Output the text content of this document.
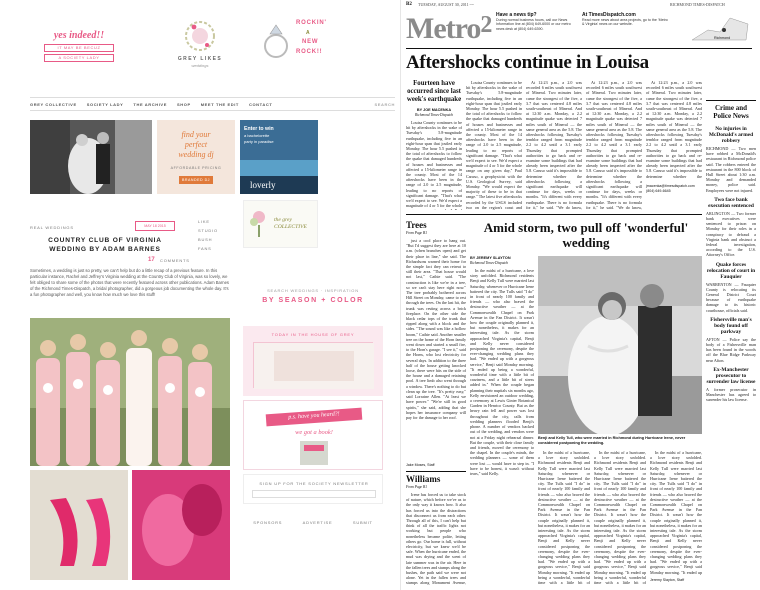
yes indeed!!
IT MAY BE BECUZ
A SOCIETY LADY	GREY LIKES
weddings
ROCKIN'
A
NEW
ROCK!!
GREY COLLECTIVE	SOCIETY LADY	THE ARCHIVE	SHOP	MEET THE EDIT	CONTACT	SEARCH
find your
perfect
wedding dj
AFFORDABLE PRICING
BRANDED DJ
Enter to win
a bachelorette
party in paradise
loverly
REAL WEDDINGS	MAY 18 2015
COUNTRY CLUB OF VIRGINIA
WEDDING BY ADAM BARNES
17 COMMENTS
LIKE
STUDIO
BUSH
FANS
Sometimes, a wedding is just so pretty, we can't help but do a little recap of a previous feature. In this particular instance, Rachel and Jeffrey's Virginia wedding at the Country Club of Virginia, was so lovely, we felt obliged to share some of the photos that were recently featured across other publications. Adam Barnes of the Richmond Times-Dispatch, a bridal photographer, did a gorgeous job documenting the whole day. It's a fun photographer and well, you know how much we love this stuff!
the grey COLLECTIVE
SEARCH WEDDINGS · INSPIRATION
BY SEASON + COLOR
TODAY IN THE HOUSE OF GREY
p.s. have you heard?!
we got a book!
SIGN UP FOR THE SOCIETY NEWSLETTER
SPONSORS	ADVERTISE	SUBMIT
B2 TUESDAY, AUGUST 30, 2011 ~~	RICHMOND TIMES-DISPATCH
Metro2 Have a news tip?
During normal business hours, call our News Information line at (804) 649-6000 or our metro news desk at (804) 649-6390.
At TimesDispatch.com
Read more news about area projects, go to the 'Metro & Virginia' news on our website.
Richmond
Aftershocks continue in Louisa
Fourteen have occurred since last week's earthquake
BY JOE MACENKA
Richmond Times-Dispatch

Louisa County continues to be hit by aftershocks in the wake of Tuesday's 5.8-magnitude earthquake, including five in an eight-hour span that jostled early Monday. The hour 5.5 pushed in the total of aftershocks to follow the quake that damaged hundreds of houses and businesses and affected a 15-kilometer range in the county. Most of the 14 aftershocks have been in the range of 2.0 to 2.5 magnitude, leading to no reports of significant damage. "That's what we'd expect to see. We'd expect a magnitude of 4 or 5 for the whole

Louisa County continues to be hit by aftershocks in the wake of Tuesday's 5.8-magnitude earthquake, including five in an eight-hour span that jostled early Monday. The hour 5.5 pushed in the total of aftershocks to follow the quake that damaged hundreds of houses and businesses and affected a 15-kilometer range in the county. Most of the 14 aftershocks have been in the range of 2.0 to 2.5 magnitude, leading to no reports of significant damage. "That's what we'd expect to see. We'd expect a magnitude of 4 or 5 for the whole range on any given day," Paul Caruso, a geophysicist with the U.S. Geological Survey, said Monday. "We would expect the majority of these to be in that range." The latest five aftershocks recorded by the USGS included two on the region's coast and

At 12:23 p.m., a 2.0 was recorded 6 miles south southwest of Mineral. Two minutes later, came the strongest of the five, a 3.7 that was centered 4.8 miles south-southeast of Mineral. And at 12:30 a.m. Monday, a 2.2 magnitude quake was detected 7 miles south of Mineral — the same general area as the 5.8. The aftershocks following Tuesday's temblor ranged from magnitude 2.2 to 4.2 until a 3.1 early Thursday that prompted authorities to go back and re-examine some buildings that had already been inspected after the 5.8. Caruso said it's impossible to determine whether the aftershocks following a significant earthquake will continue for days, weeks or months. "It's different with every earthquake. There is no formula for it," he said. "We do know,

At 12:23 p.m., a 2.0 was recorded 6 miles south southwest of Mineral. Two minutes later, came the strongest of the five, a 3.7 that was centered 4.8 miles south-southeast of Mineral. And at 12:30 a.m. Monday, a 2.2 magnitude quake was detected 7 miles south of Mineral — the same general area as the 5.8. The aftershocks following Tuesday's temblor ranged from magnitude 2.2 to 4.2 until a 3.1 early Thursday that prompted authorities to go back and re-examine some buildings that had already been inspected after the 5.8. Caruso said it's impossible to determine whether the aftershocks following a significant earthquake will continue for days, weeks or months. "It's different with every earthquake. There is no formula for it," he said. "We do know,

At 12:23 p.m., a 2.0 was recorded 6 miles south southwest of Mineral. Two minutes later, came the strongest of the five, a 3.7 that was centered 4.8 miles south-southeast of Mineral. And at 12:30 a.m. Monday, a 2.2 magnitude quake was detected 7 miles south of Mineral — the same general area as the 5.8. The aftershocks following Tuesday's temblor ranged from magnitude 2.2 to 4.2 until a 3.1 early Thursday that prompted authorities to go back and re-examine some buildings that had already been inspected after the 5.8. Caruso said it's impossible to determine whether the

jmacenka@timesdispatch.com
(804) 649-6645
Crime and Police News
No injuries in McDonald's armed robbery
RICHMOND — Two men have robbed a McDonald's restaurant in Richmond police said. The robbers entered the restaurant in the 800 block of Hull Street about 1:30 a.m. Monday and demanded money, police said. Employees were not injured.
Two face bank execution sentenced
ARLINGTON — Two former bank executives were sentenced to prison on Monday for their roles in a conspiracy to defraud a Virginia bank and obstruct a federal investigation, according to the U.S. Attorney's Office.
Quake forces relocation of court in Fauquier
WARRENTON — Fauquier County is relocating its General District Court because of earthquake damage to its historic courthouse, officials said.
Fishersville man's body found off parkway
AFTON — Police say the body of a Fishersville man has been found in the woods off the Blue Ridge Parkway near Afton.
Ex-Manchester prosecutor to surrender law license
A former prosecutor in Manchester has agreed to surrender his law license.
Trees
From Page B1

just a cool place to hang out. "But I'd suggest they are here at 10 a.m. (when branches open) and get their place in line," she said. The Richardsons warned their home for the simple fact they can retreat to still their area. "That house would not last," Cathie said. "The construction is like we're in a tree, so we can't stay here right now." The tree probably bothered across Hill Street on Monday, came to rest through the trees. On the last hit, the trunk was resting across a brick fireplace. On the other side the black cedar tops of the trunk that ripped along with a block and the sides. "The sound was like a hollow boom," Cathie said. Another smaller tree on the home of the Horn family went down and started a small fire, to the Horn's garage. "I see it," said the Horns, who lost electricity for several days. In addition to the three half of the house getting knocked loose, there were hits on the side of the house and a damaged retaining pool. A tree limb also went through a window. There's nothing to do but clean up the tree. "It's pretty easy," said Lorraine Allen. "At least we have power." "We're still in good spirits," she said, adding that she hopes her insurance company will pay for the damage to her roof.

Jake Moses, Staff
Williams
From Page B1

Irene has forced us to take stock of nature, which before we've as to the only way it knows how. It also has forced us into the distractions that disconnect us from each other. Through all of this, I can't help but think of all the traffic lights not working but people who nonetheless became polite, letting others go. Our home is full, without electricity, but we knew we'd be safe. When the hurricane ended, the mud was drying and the scent of late summer was in the air. Here in the fallen trees and stumps along the bushes, the path said we were not alone. Yet in the fallen trees and stumps along Monument Avenue,

Amid storm, two pull off 'wonderful' wedding
BY JEREMY SLAYTON
Richmond Times-Dispatch

In the midst of a hurricane, a love story unfolded. Richmond residents Benji and Kelly Tull were married last Saturday, whenever or Hurricane Irene battered the city. The Tulls said "I do" in front of nearly 100 family and friends — who also braved the destructive weather — at the Commonwealth Chapel on Park Avenue in the Fan District. It wasn't how the couple originally planned it, but nonetheless, it makes for an interesting tale. As the storm approached Virginia's capital, Benji and Kelly never considered postponing the ceremony, despite the ever-changing wedding plans they had. "We ended up with a gorgeous service," Benji said Monday morning. "It ended up being a wonderful, wonderful time with a little bit of craziness, and a little bit of stress added in." When the couple began planning their nuptials six months ago, Kelly envisioned an outdoor wedding, a ceremony at Lewis Ginter Botanical Garden in Henrico County. But as the heavy rain fell and power was lost throughout the city, calls from wedding planners flooded Benji's phone. A number of vendors backed out of the wedding, and vendors were not at a Friday night rehearsal dinner. But the couple, with their close family and friends, moved the ceremony to the chapel. In the couple's minds, the wedding planners — some of them were lost — would have to step in. "I have to be honest, it wasn't without tears," said Kelly.

Benji and Kelly Tull, who were married in Richmond during Hurricane Irene, never considered postponing the wedding.

In the midst of a hurricane, a love story unfolded. Richmond residents Benji and Kelly Tull were married last Saturday, whenever or Hurricane Irene battered the city. The Tulls said "I do" in front of nearly 100 family and friends — who also braved the destructive weather — at the Commonwealth Chapel on Park Avenue in the Fan District. It wasn't how the couple originally planned it, but nonetheless, it makes for an interesting tale. As the storm approached Virginia's capital, Benji and Kelly never considered postponing the ceremony, despite the ever-changing wedding plans they had. "We ended up with a gorgeous service," Benji said Monday morning. "It ended up being a wonderful, wonderful time with a little bit of

In the midst of a hurricane, a love story unfolded. Richmond residents Benji and Kelly Tull were married last Saturday, whenever or Hurricane Irene battered the city. The Tulls said "I do" in front of nearly 100 family and friends — who also braved the destructive weather — at the Commonwealth Chapel on Park Avenue in the Fan District. It wasn't how the couple originally planned it, but nonetheless, it makes for an interesting tale. As the storm approached Virginia's capital, Benji and Kelly never considered postponing the ceremony, despite the ever-changing wedding plans they had. "We ended up with a gorgeous service," Benji said Monday morning. "It ended up being a wonderful, wonderful time with a little bit of

In the midst of a hurricane, a love story unfolded. Richmond residents Benji and Kelly Tull were married last Saturday, whenever or Hurricane Irene battered the city. The Tulls said "I do" in front of nearly 100 family and friends — who also braved the destructive weather — at the Commonwealth Chapel on Park Avenue in the Fan District. It wasn't how the couple originally planned it, but nonetheless, it makes for an interesting tale. As the storm approached Virginia's capital, Benji and Kelly never considered postponing the ceremony, despite the ever-changing wedding plans they had. "We ended up with a gorgeous service," Benji said Monday morning. "It ended up

Jeremy Slayton, Staff
